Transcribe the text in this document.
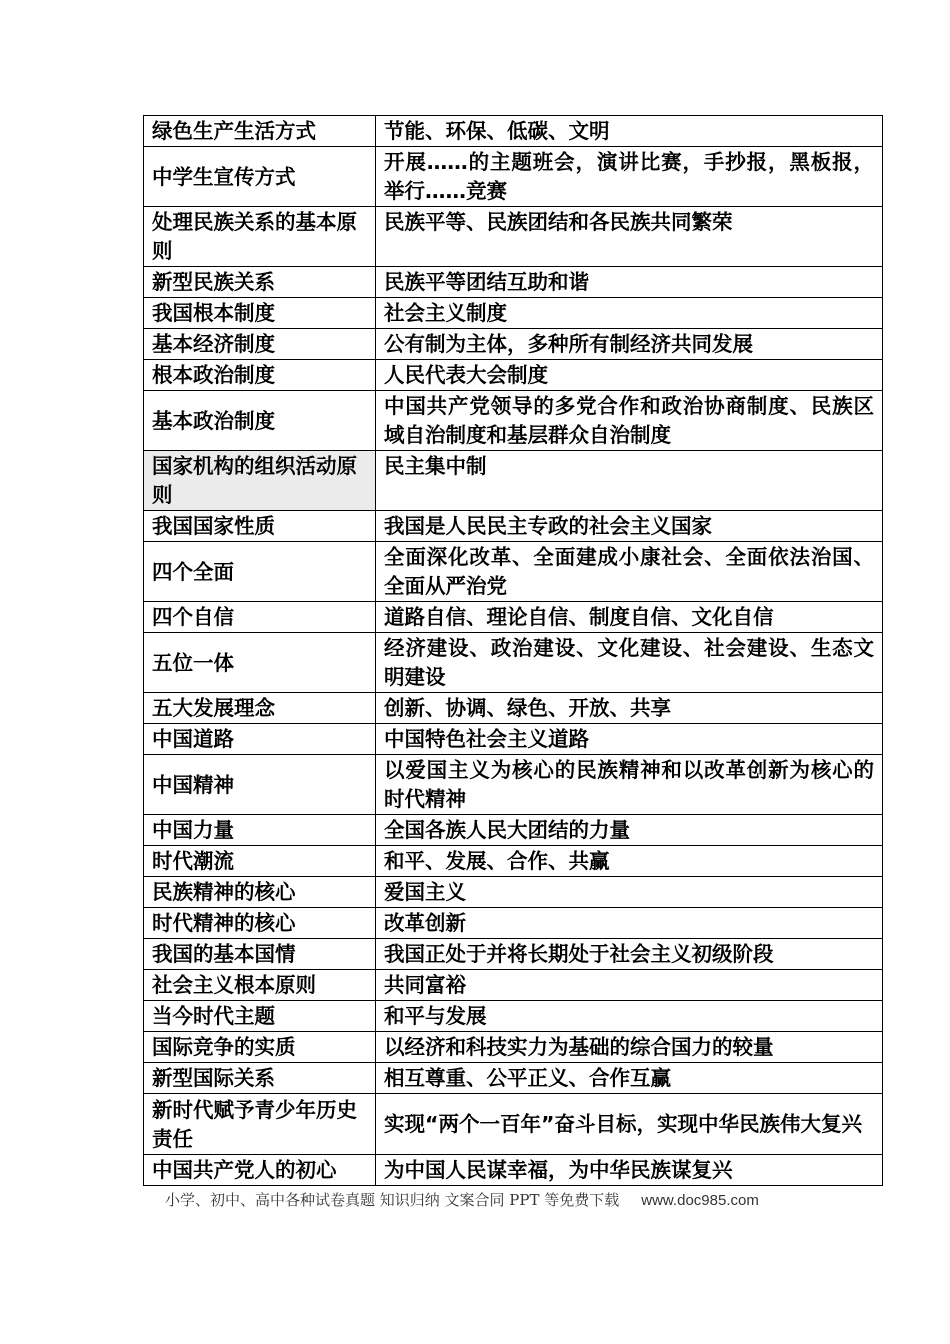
绿色生产生活方式	节能、环保、低碳、文明
中学生宣传方式	开展……的主题班会，演讲比赛，手抄报，黑板报，举行……竞赛
处理民族关系的基本原则	民族平等、民族团结和各民族共同繁荣
新型民族关系	民族平等团结互助和谐
我国根本制度	社会主义制度
基本经济制度	公有制为主体，多种所有制经济共同发展
根本政治制度	人民代表大会制度
基本政治制度	中国共产党领导的多党合作和政治协商制度、民族区域自治制度和基层群众自治制度
国家机构的组织活动原则	民主集中制
我国国家性质	我国是人民民主专政的社会主义国家
四个全面	全面深化改革、全面建成小康社会、全面依法治国、全面从严治党
四个自信	道路自信、理论自信、制度自信、文化自信
五位一体	经济建设、政治建设、文化建设、社会建设、生态文明建设
五大发展理念	创新、协调、绿色、开放、共享
中国道路	中国特色社会主义道路
中国精神	以爱国主义为核心的民族精神和以改革创新为核心的时代精神
中国力量	全国各族人民大团结的力量
时代潮流	和平、发展、合作、共赢
民族精神的核心	爱国主义
时代精神的核心	改革创新
我国的基本国情	我国正处于并将长期处于社会主义初级阶段
社会主义根本原则	共同富裕
当今时代主题	和平与发展
国际竞争的实质	以经济和科技实力为基础的综合国力的较量
新型国际关系	相互尊重、公平正义、合作互赢
新时代赋予青少年历史责任	实现“两个一百年”奋斗目标，实现中华民族伟大复兴
中国共产党人的初心	为中国人民谋幸福，为中华民族谋复兴
小学、初中、高中各种试卷真题 知识归纳 文案合同 PPT 等免费下载 www.doc985.com
